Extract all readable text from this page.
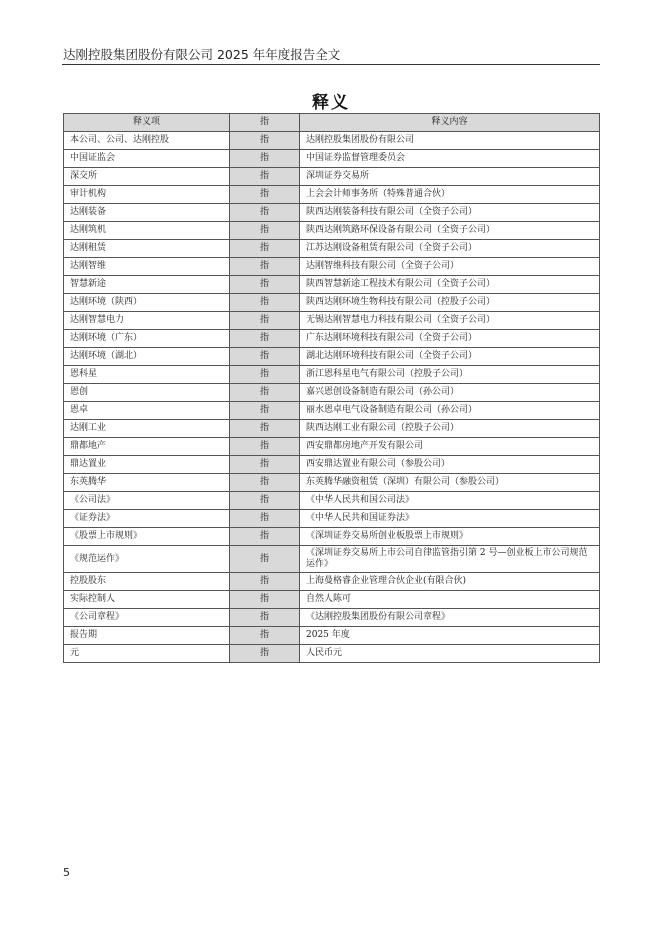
达刚控股集团股份有限公司 2025 年年度报告全文
释义
释义项	指	释义内容
本公司、公司、达刚控股	指	达刚控股集团股份有限公司
中国证监会	指	中国证券监督管理委员会
深交所	指	深圳证券交易所
审计机构	指	上会会计师事务所（特殊普通合伙）
达刚装备	指	陕西达刚装备科技有限公司（全资子公司）
达刚筑机	指	陕西达刚筑路环保设备有限公司（全资子公司）
达刚租赁	指	江苏达刚设备租赁有限公司（全资子公司）
达刚智维	指	达刚智维科技有限公司（全资子公司）
智慧新途	指	陕西智慧新途工程技术有限公司（全资子公司）
达刚环境（陕西）	指	陕西达刚环境生物科技有限公司（控股子公司）
达刚智慧电力	指	无锡达刚智慧电力科技有限公司（全资子公司）
达刚环境（广东）	指	广东达刚环境科技有限公司（全资子公司）
达刚环境（湖北）	指	湖北达刚环境科技有限公司（全资子公司）
恩科星	指	浙江恩科星电气有限公司（控股子公司）
恩创	指	嘉兴恩创设备制造有限公司（孙公司）
恩卓	指	丽水恩卓电气设备制造有限公司（孙公司）
达刚工业	指	陕西达刚工业有限公司（控股子公司）
鼎都地产	指	西安鼎都房地产开发有限公司
鼎达置业	指	西安鼎达置业有限公司（参股公司）
东英腾华	指	东英腾华融资租赁（深圳）有限公司（参股公司）
《公司法》	指	《中华人民共和国公司法》
《证券法》	指	《中华人民共和国证券法》
《股票上市规则》	指	《深圳证券交易所创业板股票上市规则》
《规范运作》	指	《深圳证券交易所上市公司自律监管指引第 2 号—创业板上市公司规范运作》
控股股东	指	上海曼格睿企业管理合伙企业(有限合伙)
实际控制人	指	自然人陈可
《公司章程》	指	《达刚控股集团股份有限公司章程》
报告期	指	2025 年度
元	指	人民币元
5
